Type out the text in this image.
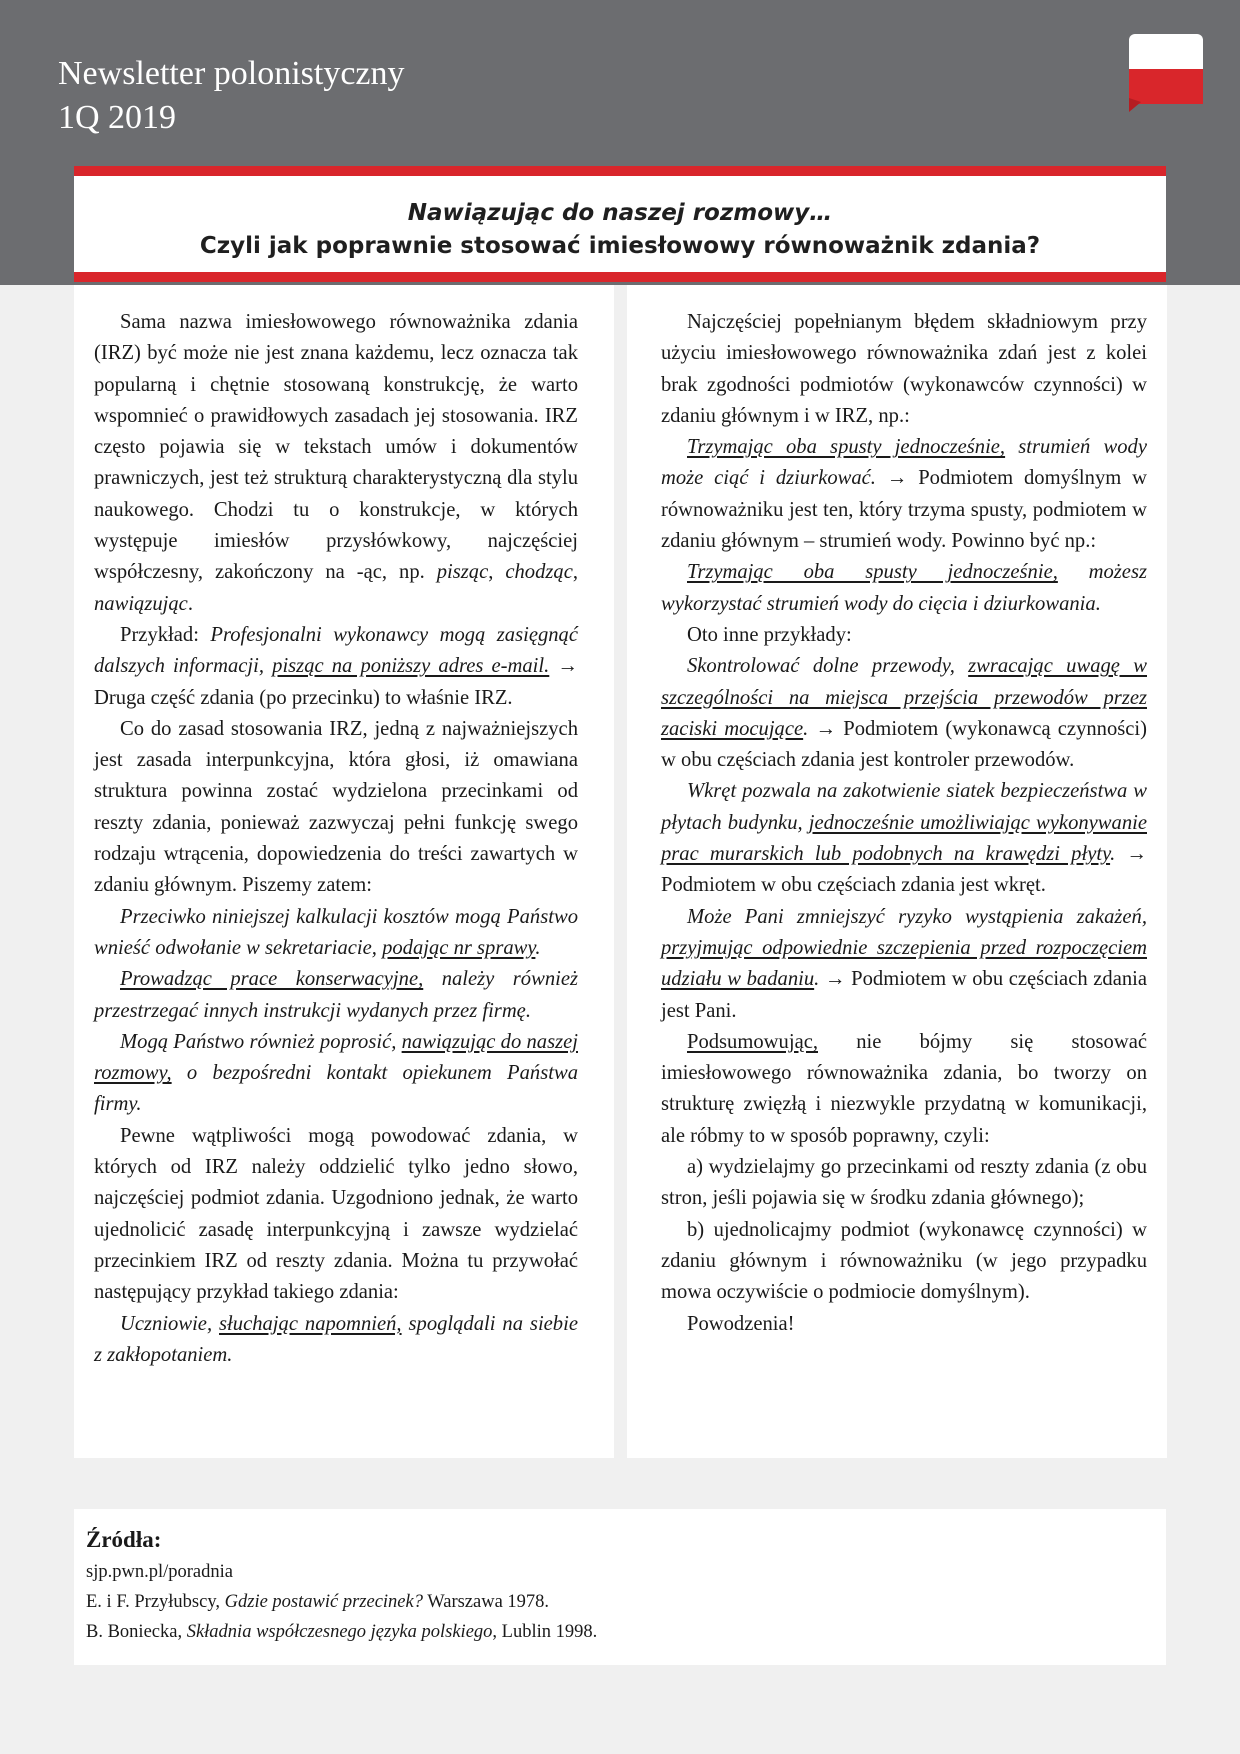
Newsletter polonistyczny
1Q 2019
Nawiązując do naszej rozmowy…
Czyli jak poprawnie stosować imiesłowowy równoważnik zdania?

Sama nazwa imiesłowowego równoważnika zdania (IRZ) być może nie jest znana każdemu, lecz oznacza tak popularną i chętnie stosowaną konstrukcję, że warto wspomnieć o prawidłowych zasadach jej stosowania. IRZ często pojawia się w tekstach umów i dokumentów prawniczych, jest też strukturą charakterystyczną dla stylu naukowego. Chodzi tu o konstrukcje, w których występuje imiesłów przysłówkowy, najczęściej współczesny, zakończony na -ąc, np. pisząc, chodząc, nawiązując.

Przykład: Profesjonalni wykonawcy mogą zasięgnąć dalszych informacji, pisząc na poniższy adres e-mail. → Druga część zdania (po przecinku) to właśnie IRZ.

Co do zasad stosowania IRZ, jedną z najważniejszych jest zasada interpunkcyjna, która głosi, iż omawiana struktura powinna zostać wydzielona przecinkami od reszty zdania, ponieważ zazwyczaj pełni funkcję swego rodzaju wtrącenia, dopowiedzenia do treści zawartych w zdaniu głównym. Piszemy zatem:

Przeciwko niniejszej kalkulacji kosztów mogą Państwo wnieść odwołanie w sekretariacie, podając nr sprawy.

Prowadząc prace konserwacyjne, należy również przestrzegać innych instrukcji wydanych przez firmę.

Mogą Państwo również poprosić, nawiązując do naszej rozmowy, o bezpośredni kontakt opiekunem Państwa firmy.

Pewne wątpliwości mogą powodować zdania, w których od IRZ należy oddzielić tylko jedno słowo, najczęściej podmiot zdania. Uzgodniono jednak, że warto ujednolicić zasadę interpunkcyjną i zawsze wydzielać przecinkiem IRZ od reszty zdania. Można tu przywołać następujący przykład takiego zdania:

Uczniowie, słuchając napomnień, spoglądali na siebie z zakłopotaniem.

Najczęściej popełnianym błędem składniowym przy użyciu imiesłowowego równoważnika zdań jest z kolei brak zgodności podmiotów (wykonawców czynności) w zdaniu głównym i w IRZ, np.:

Trzymając oba spusty jednocześnie, strumień wody może ciąć i dziurkować. → Podmiotem domyślnym w równoważniku jest ten, który trzyma spusty, podmiotem w zdaniu głównym – strumień wody. Powinno być np.:

Trzymając oba spusty jednocześnie, możesz wykorzystać strumień wody do cięcia i dziurkowania.

Oto inne przykłady:

Skontrolować dolne przewody, zwracając uwagę w szczególności na miejsca przejścia przewodów przez zaciski mocujące. → Podmiotem (wykonawcą czynności) w obu częściach zdania jest kontroler przewodów.

Wkręt pozwala na zakotwienie siatek bezpieczeństwa w płytach budynku, jednocześnie umożliwiając wykonywanie prac murarskich lub podobnych na krawędzi płyty. → Podmiotem w obu częściach zdania jest wkręt.

Może Pani zmniejszyć ryzyko wystąpienia zakażeń, przyjmując odpowiednie szczepienia przed rozpoczęciem udziału w badaniu. → Podmiotem w obu częściach zdania jest Pani.

Podsumowując, nie bójmy się stosować imiesłowowego równoważnika zdania, bo tworzy on strukturę zwięzłą i niezwykle przydatną w komunikacji, ale róbmy to w sposób poprawny, czyli:

a) wydzielajmy go przecinkami od reszty zdania (z obu stron, jeśli pojawia się w środku zdania głównego);

b) ujednolicajmy podmiot (wykonawcę czynności) w zdaniu głównym i równoważniku (w jego przypadku mowa oczywiście o podmiocie domyślnym).

Powodzenia!

Źródła:

sjp.pwn.pl/poradnia

E. i F. Przyłubscy, Gdzie postawić przecinek? Warszawa 1978.

B. Boniecka, Składnia współczesnego języka polskiego, Lublin 1998.
